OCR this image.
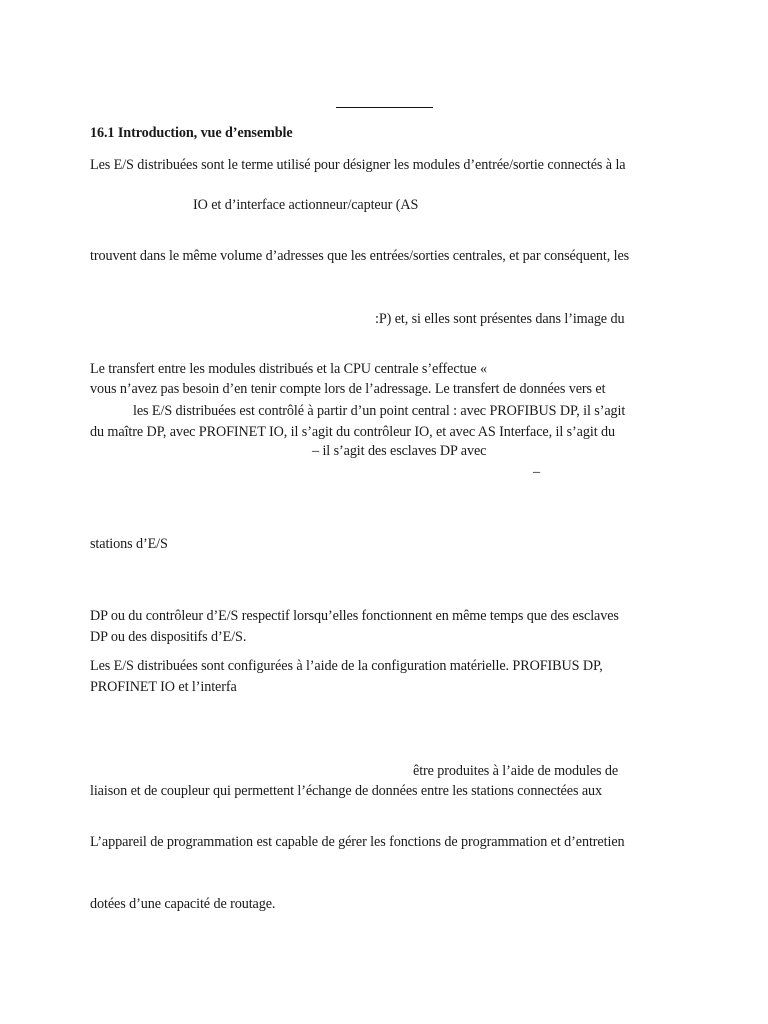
16.1 Introduction, vue d’ensemble
Les E/S distribuées sont le terme utilisé pour désigner les modules d’entrée/sortie connectés à la
IO et d’interface actionneur/capteur (AS
trouvent dans le même volume d’adresses que les entrées/sorties centrales, et par conséquent, les
:P) et, si elles sont présentes dans l’image du
Le transfert entre les modules distribués et la CPU centrale s’effectue «
vous n’avez pas besoin d’en tenir compte lors de l’adressage. Le transfert de données vers et
les E/S distribuées est contrôlé à partir d’un point central : avec PROFIBUS DP, il s’agit
du maître DP, avec PROFINET IO, il s’agit du contrôleur IO, et avec AS Interface, il s’agit du
– il s’agit des esclaves DP avec
–
stations d’E/S
DP ou du contrôleur d’E/S respectif lorsqu’elles fonctionnent en même temps que des esclaves
DP ou des dispositifs d’E/S.
Les E/S distribuées sont configurées à l’aide de la configuration matérielle. PROFIBUS DP,
PROFINET IO et l’interfa
être produites à l’aide de modules de
liaison et de coupleur qui permettent l’échange de données entre les stations connectées aux
L’appareil de programmation est capable de gérer les fonctions de programmation et d’entretien
dotées d’une capacité de routage.
